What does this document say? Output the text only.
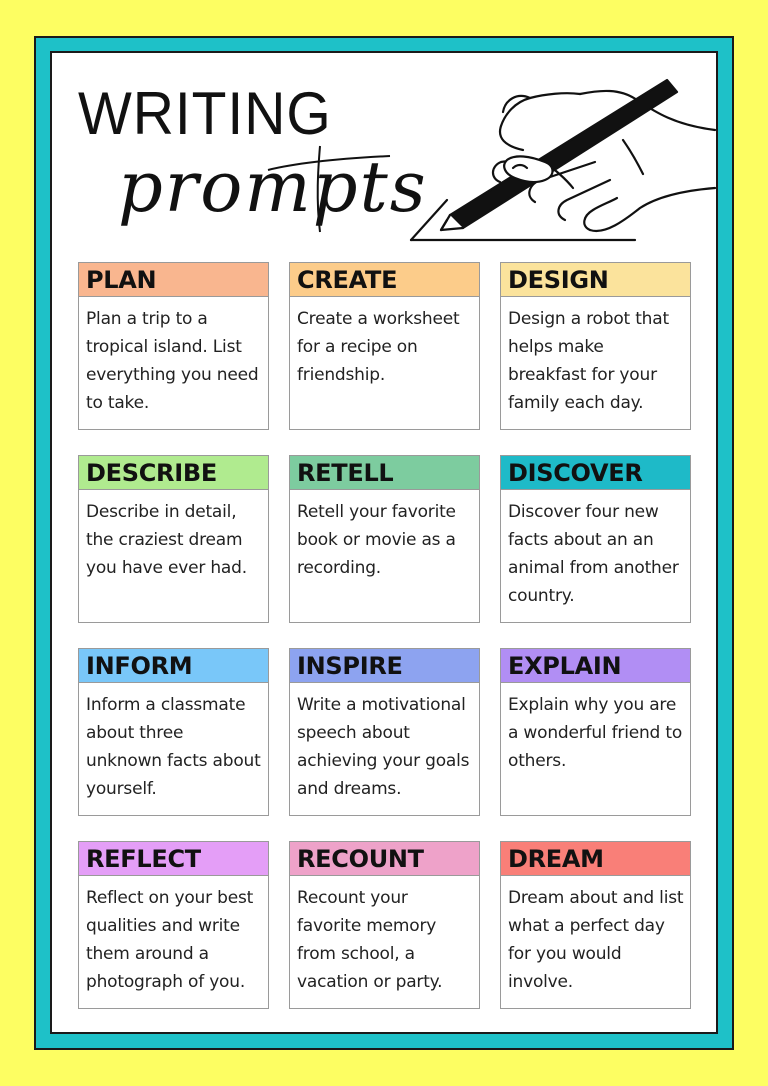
WRITING
prompts
PLAN
Plan a trip to a tropical island. List everything you need to take.
CREATE
Create a worksheet for a recipe on friendship.
DESIGN
Design a robot that helps make breakfast for your family each day.
DESCRIBE
Describe in detail, the craziest dream you have ever had.
RETELL
Retell your favorite book or movie as a recording.
DISCOVER
Discover four new facts about an an animal from another country.
INFORM
Inform a classmate about three unknown facts about yourself.
INSPIRE
Write a motivational speech about achieving your goals and dreams.
EXPLAIN
Explain why you are a wonderful friend to others.
REFLECT
Reflect on your best qualities and write them around a photograph of you.
RECOUNT
Recount your favorite memory from school, a vacation or party.
DREAM
Dream about and list what a perfect day for you would involve.
